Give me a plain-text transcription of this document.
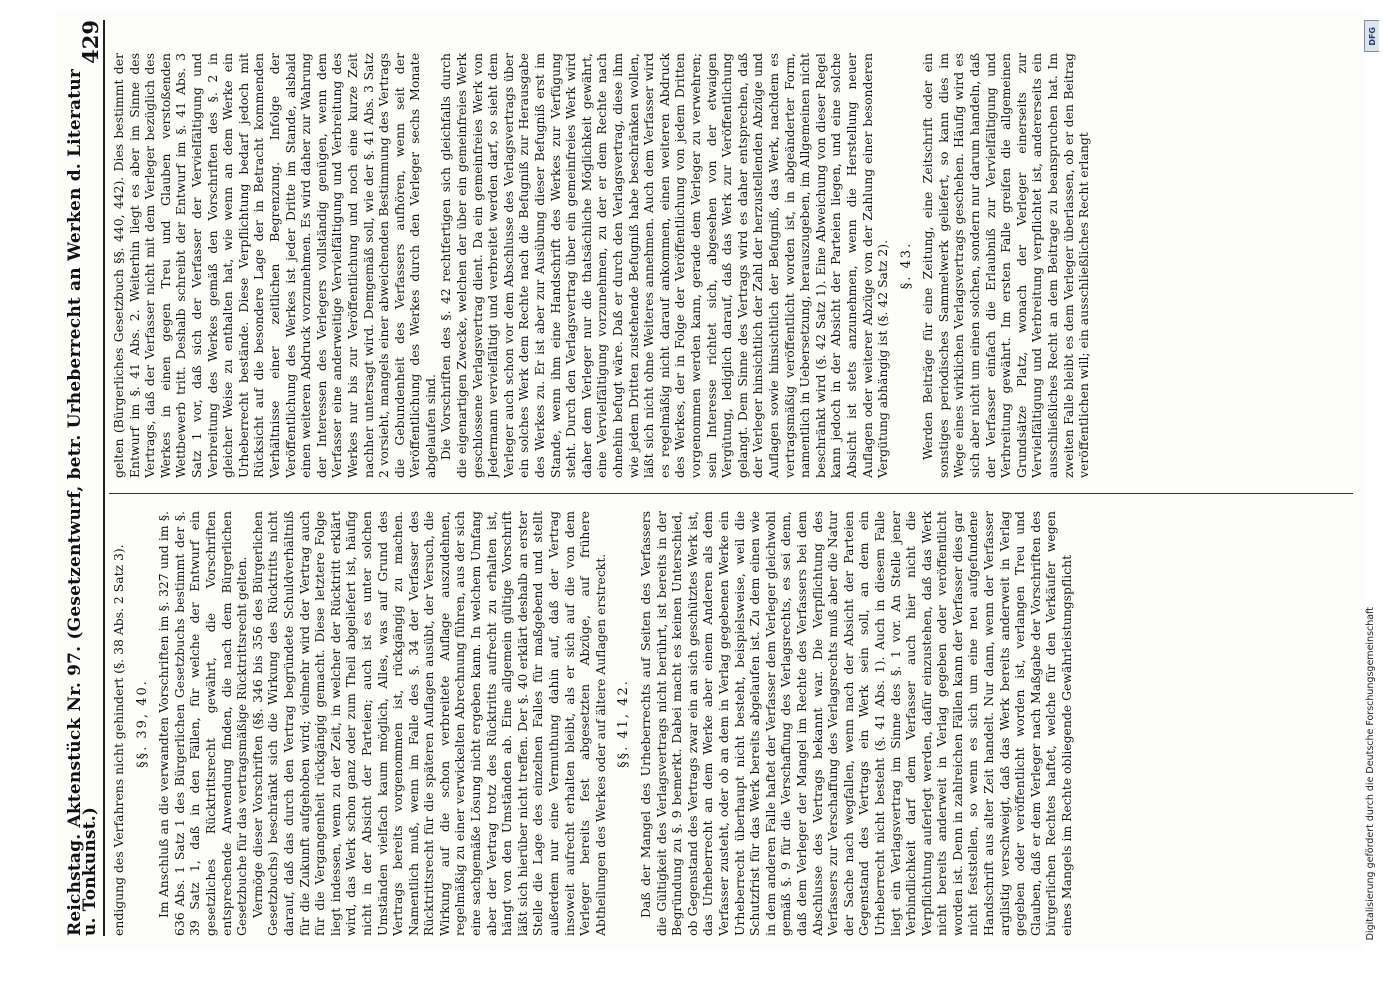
Reichstag. Aktenstück Nr. 97. (Gesetzentwurf, betr. Urheberrecht an Werken d. Literatur u. Tonkunst.)
429

endigung des Verfahrens nicht gehindert (§. 38 Abs. 2 Satz 3). §§. 39, 40. Im Anschluß an die verwandten Vorschriften im §. 327 und im §. 636 Abs. 1 Satz 1 des Bürgerlichen Gesetzbuchs bestimmt der §. 39 Satz 1, daß in den Fällen, für welche der Entwurf ein gesetzliches Rücktrittsrecht gewährt, die Vorschriften entsprechende Anwendung finden, die nach dem Bürgerlichen Gesetzbuche für das vertragsmäßige Rücktrittsrecht gelten. Vermöge dieser Vorschriften (§§. 346 bis 356 des Bürgerlichen Gesetzbuchs) beschränkt sich die Wirkung des Rücktritts nicht darauf, daß das durch den Vertrag begründete Schuldverhältniß für die Zukunft aufgehoben wird; vielmehr wird der Vertrag auch für die Vergangenheit rückgängig gemacht. Diese letztere Folge liegt indessen, wenn zu der Zeit, in welcher der Rücktritt erklärt wird, das Werk schon ganz oder zum Theil abgeliefert ist, häufig nicht in der Absicht der Parteien; auch ist es unter solchen Umständen vielfach kaum möglich, Alles, was auf Grund des Vertrags bereits vorgenommen ist, rückgängig zu machen. Namentlich muß, wenn im Falle des §. 34 der Verfasser des Rücktrittsrecht für die späteren Auflagen ausübt, der Versuch, die Wirkung auf die schon verbreitete Auflage auszudehnen, regelmäßig zu einer verwickelten Abrechnung führen, aus der sich eine sachgemäße Lösung nicht ergeben kann. In welchem Umfang aber der Vertrag trotz des Rücktritts aufrecht zu erhalten ist, hängt von den Umständen ab. Eine allgemein gültige Vorschrift läßt sich hierüber nicht treffen. Der §. 40 erklärt deshalb an erster Stelle die Lage des einzelnen Falles für maßgebend und stellt außerdem nur eine Vermuthung dahin auf, daß der Vertrag insoweit aufrecht erhalten bleibt, als er sich auf die von dem Verleger bereits fest abgesetzten Abzüge, auf frühere Abtheilungen des Werkes oder auf ältere Auflagen erstreckt. §§. 41, 42. Daß der Mangel des Urheberrechts auf Seiten des Verfassers die Gültigkeit des Verlagsvertrags nicht berührt, ist bereits in der Begründung zu §. 9 bemerkt. Dabei macht es keinen Unterschied, ob Gegenstand des Vertrags zwar ein an sich geschütztes Werk ist, das Urheberrecht an dem Werke aber einem Anderen als dem Verfasser zusteht, oder ob an dem in Verlag gegebenen Werke ein Urheberrecht überhaupt nicht besteht, beispielsweise, weil die Schutzfrist für das Werk bereits abgelaufen ist. Zu dem einen wie in dem anderen Falle haftet der Verfasser dem Verleger gleichwohl gemäß §. 9 für die Verschaffung des Verlagsrechts, es sei denn, daß dem Verleger der Mangel im Rechte des Verfassers bei dem Abschlusse des Vertrags bekannt war. Die Verpflichtung des Verfassers zur Verschaffung des Verlagsrechts muß aber die Natur der Sache nach wegfallen, wenn nach der Absicht der Parteien Gegenstand des Vertrags ein Werk sein soll, an dem ein Urheberrecht nicht besteht (§. 41 Abs. 1). Auch in diesem Falle liegt ein Verlagsvertrag im Sinne des §. 1 vor. An Stelle jener Verbindlichkeit darf dem Verfasser auch hier nicht die Verpflichtung auferlegt werden, dafür einzustehen, daß das Werk nicht bereits anderweit in Verlag gegeben oder veröffentlicht worden ist. Denn in zahlreichen Fällen kann der Verfasser dies gar nicht feststellen, so wenn es sich um eine neu aufgefundene Handschrift aus alter Zeit handelt. Nur dann, wenn der Verfasser arglistig verschweigt, daß das Werk bereits anderweit in Verlag gegeben oder veröffentlicht worden ist, verlangen Treu und Glauben, daß er dem Verleger nach Maßgabe der Vorschriften des bürgerlichen Rechtes haftet, welche für den Verkäufer wegen eines Mangels im Rechte obliegende Gewährleistungspflicht

gelten (Bürgerliches Gesetzbuch §§. 440, 442). Dies bestimmt der Entwurf im §. 41 Abs. 2. Weiterhin liegt es aber im Sinne des Vertrags, daß der Verfasser nicht mit dem Verleger bezüglich des Werkes in einen gegen Treu und Glauben verstoßenden Wettbewerb tritt. Deshalb schreibt der Entwurf im §. 41 Abs. 3 Satz 1 vor, daß sich der Verfasser der Vervielfältigung und Verbreitung des Werkes gemäß den Vorschriften des §. 2 in gleicher Weise zu enthalten hat, wie wenn an dem Werke ein Urheberrecht bestände. Diese Verpflichtung bedarf jedoch mit Rücksicht auf die besondere Lage der in Betracht kommenden Verhältnisse einer zeitlichen Begrenzung. Infolge der Veröffentlichung des Werkes ist jeder Dritte im Stande, alsbald einen weiteren Abdruck vorzunehmen. Es wird daher zur Wahrung der Interessen des Verlegers vollständig genügen, wenn dem Verfasser eine anderweitige Vervielfältigung und Verbreitung des Werkes nur bis zur Veröffentlichung und noch eine kurze Zeit nachher untersagt wird. Demgemäß soll, wie der §. 41 Abs. 3 Satz 2 vorsieht, mangels einer abweichenden Bestimmung des Vertrags die Gebundenheit des Verfassers aufhören, wenn seit der Veröffentlichung des Werkes durch den Verleger sechs Monate abgelaufen sind. Die Vorschriften des §. 42 rechtfertigen sich gleichfalls durch die eigenartigen Zwecke, welchen der über ein gemeinfreies Werk geschlossene Verlagsvertrag dient. Da ein gemeinfreies Werk von Jedermann vervielfältigt und verbreitet werden darf, so sieht dem Verleger auch schon vor dem Abschlusse des Verlagsvertrags über ein solches Werk dem Rechte nach die Befugniß zur Herausgabe des Werkes zu. Er ist aber zur Ausübung dieser Befugniß erst im Stande, wenn ihm eine Handschrift des Werkes zur Verfügung steht. Durch den Verlagsvertrag über ein gemeinfreies Werk wird daher dem Verleger nur die thatsächliche Möglichkeit gewährt, eine Vervielfältigung vorzunehmen, zu der er dem Rechte nach ohnehin befugt wäre. Daß er durch den Verlagsvertrag, diese ihm wie jedem Dritten zustehende Befugniß habe beschränken wollen, läßt sich nicht ohne Weiteres annehmen. Auch dem Verfasser wird es regelmäßig nicht darauf ankommen, einen weiteren Abdruck des Werkes, der in Folge der Veröffentlichung von jedem Dritten vorgenommen werden kann, gerade dem Verleger zu verwehren; sein Interesse richtet sich, abgesehen von der etwaigen Vergütung, lediglich darauf, daß das Werk zur Veröffentlichung gelangt. Dem Sinne des Vertrags wird es daher entsprechen, daß der Verleger hinsichtlich der Zahl der herzustellenden Abzüge und Auflagen sowie hinsichtlich der Befugniß, das Werk, nachdem es vertragsmäßig veröffentlicht worden ist, in abgeänderter Form, namentlich in Uebersetzung, herauszugeben, im Allgemeinen nicht beschränkt wird (§. 42 Satz 1). Eine Abweichung von dieser Regel kann jedoch in der Absicht der Parteien liegen, und eine solche Absicht ist stets anzunehmen, wenn die Herstellung neuer Auflagen oder weiterer Abzüge von der Zahlung einer besonderen Vergütung abhängig ist (§. 42 Satz 2). §. 43. Werden Beiträge für eine Zeitung, eine Zeitschrift oder ein sonstiges periodisches Sammelwerk geliefert, so kann dies im Wege eines wirklichen Verlagsvertrags geschehen. Häufig wird es sich aber nicht um einen solchen, sondern nur darum handeln, daß der Verfasser einfach die Erlaubniß zur Vervielfältigung und Verbreitung gewährt. Im ersten Falle greifen die allgemeinen Grundsätze Platz, wonach der Verleger einerseits zur Vervielfältigung und Verbreitung verpflichtet ist, andererseits ein ausschließliches Recht an dem Beitrage zu beanspruchen hat. Im zweiten Falle bleibt es dem Verleger überlassen, ob er den Beitrag veröffentlichen will; ein ausschließliches Recht erlangt

DFG
Digitalisierung gefördert durch die Deutsche Forschungsgemeinschaft
